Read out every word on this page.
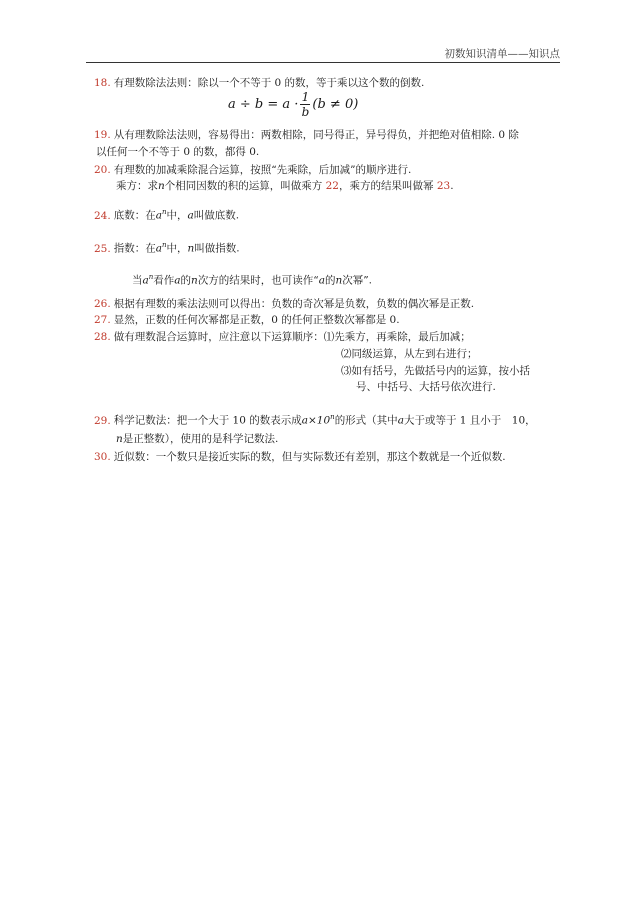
初数知识清单——知识点
18. 有理数除法法则：除以一个不等于 0 的数，等于乘以这个数的倒数.
$a \div b = a \cdot \frac{1}{b} (b \ne 0)$
19. 从有理数除法法则，容易得出：两数相除，同号得正，异号得负，并把绝对值相除. 0 除
以任何一个不等于 0 的数，都得 0.
20. 有理数的加减乘除混合运算，按照“先乘除，后加减”的顺序进行.
乘方：求n个相同因数的积的运算，叫做乘方 22，乘方的结果叫做幂 23.
24. 底数：在$a^n$中，a叫做底数.
25. 指数：在$a^n$中，n叫做指数.
当$a^n$看作a的n次方的结果时，也可读作“a的n次幂”.
26. 根据有理数的乘法法则可以得出：负数的奇次幂是负数，负数的偶次幂是正数.
27. 显然，正数的任何次幂都是正数，0 的任何正整数次幂都是 0.
28. 做有理数混合运算时，应注意以下运算顺序：⑴先乘方，再乘除，最后加减；
⑵同级运算，从左到右进行；
⑶如有括号，先做括号内的运算，按小括
号、中括号、大括号依次进行.
29. 科学记数法：把一个大于 10 的数表示成$a\times 10^n$的形式（其中a大于或等于 1 且小于　10，
n是正整数），使用的是科学记数法.
30. 近似数：一个数只是接近实际的数，但与实际数还有差别，那这个数就是一个近似数.
